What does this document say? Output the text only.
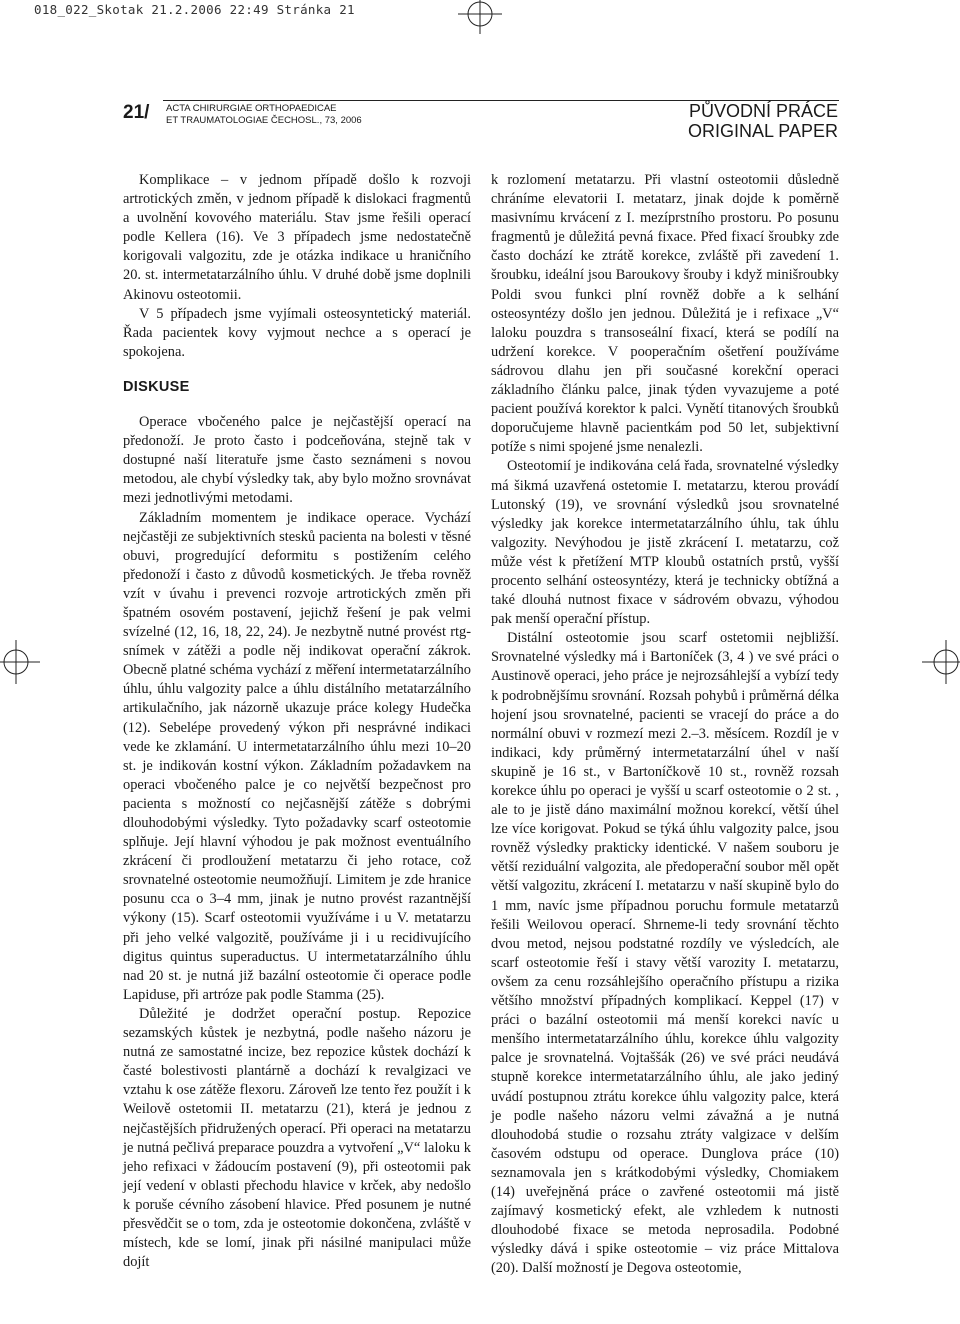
018_022_Skotak 21.2.2006 22:49 Stránka 21
21/ ACTA CHIRURGIAE ORTHOPAEDICAE
ET TRAUMATOLOGIAE ČECHOSL., 73, 2006	PŮVODNÍ PRÁCE
ORIGINAL PAPER

Komplikace – v jednom případě došlo k rozvoji artrotických změn, v jednom případě k dislokaci fragmentů a uvolnění kovového materiálu. Stav jsme řešili operací podle Kellera (16). Ve 3 případech jsme nedostatečně korigovali valgozitu, zde je otázka indikace u hraničního 20. st. intermetatarzálního úhlu. V druhé době jsme doplnili Akinovu osteotomii.

V 5 případech jsme vyjímali osteosyntetický materiál. Řada pacientek kovy vyjmout nechce a s operací je spokojena.

DISKUSE

Operace vbočeného palce je nejčastější operací na předonoží. Je proto často i podceňována, stejně tak v dostupné naší literatuře jsme často seznámeni s novou metodou, ale chybí výsledky tak, aby bylo možno srovnávat mezi jednotlivými metodami.

Základním momentem je indikace operace. Vychází nejčastěji ze subjektivních stesků pacienta na bolesti v těsné obuvi, progredující deformitu s postižením celého předonoží i často z důvodů kosmetických. Je třeba rovněž vzít v úvahu i prevenci rozvoje artrotických změn při špatném osovém postavení, jejichž řešení je pak velmi svízelné (12, 16, 18, 22, 24). Je nezbytně nutné provést rtg-snímek v zátěži a podle něj indikovat operační zákrok. Obecně platné schéma vychází z měření intermetatarzálního úhlu, úhlu valgozity palce a úhlu distálního metatarzálního artikulačního, jak názorně ukazuje práce kolegy Hudečka (12). Sebelépe provedený výkon při nesprávné indikaci vede ke zklamání. U intermetatarzálního úhlu mezi 10–20 st. je indikován kostní výkon. Základním požadavkem na operaci vbočeného palce je co největší bezpečnost pro pacienta s možností co nejčasnější zátěže s dobrými dlouhodobými výsledky. Tyto požadavky scarf osteotomie splňuje. Její hlavní výhodou je pak možnost eventuálního zkrácení či prodloužení metatarzu či jeho rotace, což srovnatelné osteotomie neumožňují. Limitem je zde hranice posunu cca o 3–4 mm, jinak je nutno provést razantnější výkony (15). Scarf osteotomii využíváme i u V. metatarzu při jeho velké valgozitě, používáme ji i u recidivujícího digitus quintus superaductus. U intermetatarzálního úhlu nad 20 st. je nutná již bazální osteotomie či operace podle Lapiduse, při artróze pak podle Stamma (25).

Důležité je dodržet operační postup. Repozice sezamských kůstek je nezbytná, podle našeho názoru je nutná ze samostatné incize, bez repozice kůstek dochází k časté bolestivosti plantárně a dochází k revalgizaci ve vztahu k ose zátěže flexoru. Zároveň lze tento řez použít i k Weilově ostetomii II. metatarzu (21), která je jednou z nejčastějších přidružených operací. Při operaci na metatarzu je nutná pečlivá preparace pouzdra a vytvoření „V“ laloku k jeho refixaci v žádoucím postavení (9), při osteotomii pak její vedení v oblasti přechodu hlavice v krček, aby nedošlo k poruše cévního zásobení hlavice. Před posunem je nutné přesvědčit se o tom, zda je osteotomie dokončena, zvláště v místech, kde se lomí, jinak při násilné manipulaci může dojít

k rozlomení metatarzu. Při vlastní osteotomii důsledně chráníme elevatorii I. metatarz, jinak dojde k poměrně masivnímu krvácení z I. mezíprstního prostoru. Po posunu fragmentů je důležitá pevná fixace. Před fixací šroubky zde často dochází ke ztrátě korekce, zvláště při zavedení 1. šroubku, ideální jsou Baroukovy šrouby i když minišroubky Poldi svou funkci plní rovněž dobře a k selhání osteosyntézy došlo jen jednou. Důležitá je i refixace „V“ laloku pouzdra s transoseální fixací, která se podílí na udržení korekce. V pooperačním ošetření používáme sádrovou dlahu jen při současné korekční operaci základního článku palce, jinak týden vyvazujeme a poté pacient používá korektor k palci. Vynětí titanových šroubků doporučujeme hlavně pacientkám pod 50 let, subjektivní potíže s nimi spojené jsme nenalezli.

Osteotomií je indikována celá řada, srovnatelné výsledky má šikmá uzavřená ostetomie I. metatarzu, kterou provádí Lutonský (19), ve srovnání výsledků jsou srovnatelné výsledky jak korekce intermetatarzálního úhlu, tak úhlu valgozity. Nevýhodou je jistě zkrácení I. metatarzu, což může vést k přetížení MTP kloubů ostatních prstů, vyšší procento selhání osteosyntézy, která je technicky obtížná a také dlouhá nutnost fixace v sádrovém obvazu, výhodou pak menší operační přístup.

Distální osteotomie jsou scarf ostetomii nejbližší. Srovnatelné výsledky má i Bartoníček (3, 4 ) ve své práci o Austinově operaci, jeho práce je nejrozsáhlejší a vybízí tedy k podrobnějšímu srovnání. Rozsah pohybů i průměrná délka hojení jsou srovnatelné, pacienti se vracejí do práce a do normální obuvi v rozmezí mezi 2.–3. měsícem. Rozdíl je v indikaci, kdy průměrný intermetatarzální úhel v naší skupině je 16 st., v Bartoníčkově 10 st., rovněž rozsah korekce úhlu po operaci je vyšší u scarf osteotomie o 2 st. , ale to je jistě dáno maximální možnou korekcí, větší úhel lze více korigovat. Pokud se týká úhlu valgozity palce, jsou rovněž výsledky prakticky identické. V našem souboru je větší reziduální valgozita, ale předoperační soubor měl opět větší valgozitu, zkrácení I. metatarzu v naší skupině bylo do 1 mm, navíc jsme případnou poruchu formule metatarzů řešili Weilovou operací. Shrneme-li tedy srovnání těchto dvou metod, nejsou podstatné rozdíly ve výsledcích, ale scarf osteotomie řeší i stavy větší varozity I. metatarzu, ovšem za cenu rozsáhlejšího operačního přístupu a rizika většího množství případných komplikací. Keppel (17) v práci o bazální osteotomii má menší korekci navíc u menšího intermetatarzálního úhlu, korekce úhlu valgozity palce je srovnatelná. Vojtaššák (26) ve své práci neudává stupně korekce intermetatarzálního úhlu, ale jako jediný uvádí postupnou ztrátu korekce úhlu valgozity palce, která je podle našeho názoru velmi závažná a je nutná dlouhodobá studie o rozsahu ztráty valgizace v delším časovém odstupu od operace. Dunglova práce (10) seznamovala jen s krátkodobými výsledky, Chomiakem (14) uveřejněná práce o zavřené osteotomii má jistě zajímavý kosmetický efekt, ale vzhledem k nutnosti dlouhodobé fixace se metoda neprosadila. Podobné výsledky dává i spike osteotomie – viz práce Mittalova (20). Další možností je Degova osteotomie,
